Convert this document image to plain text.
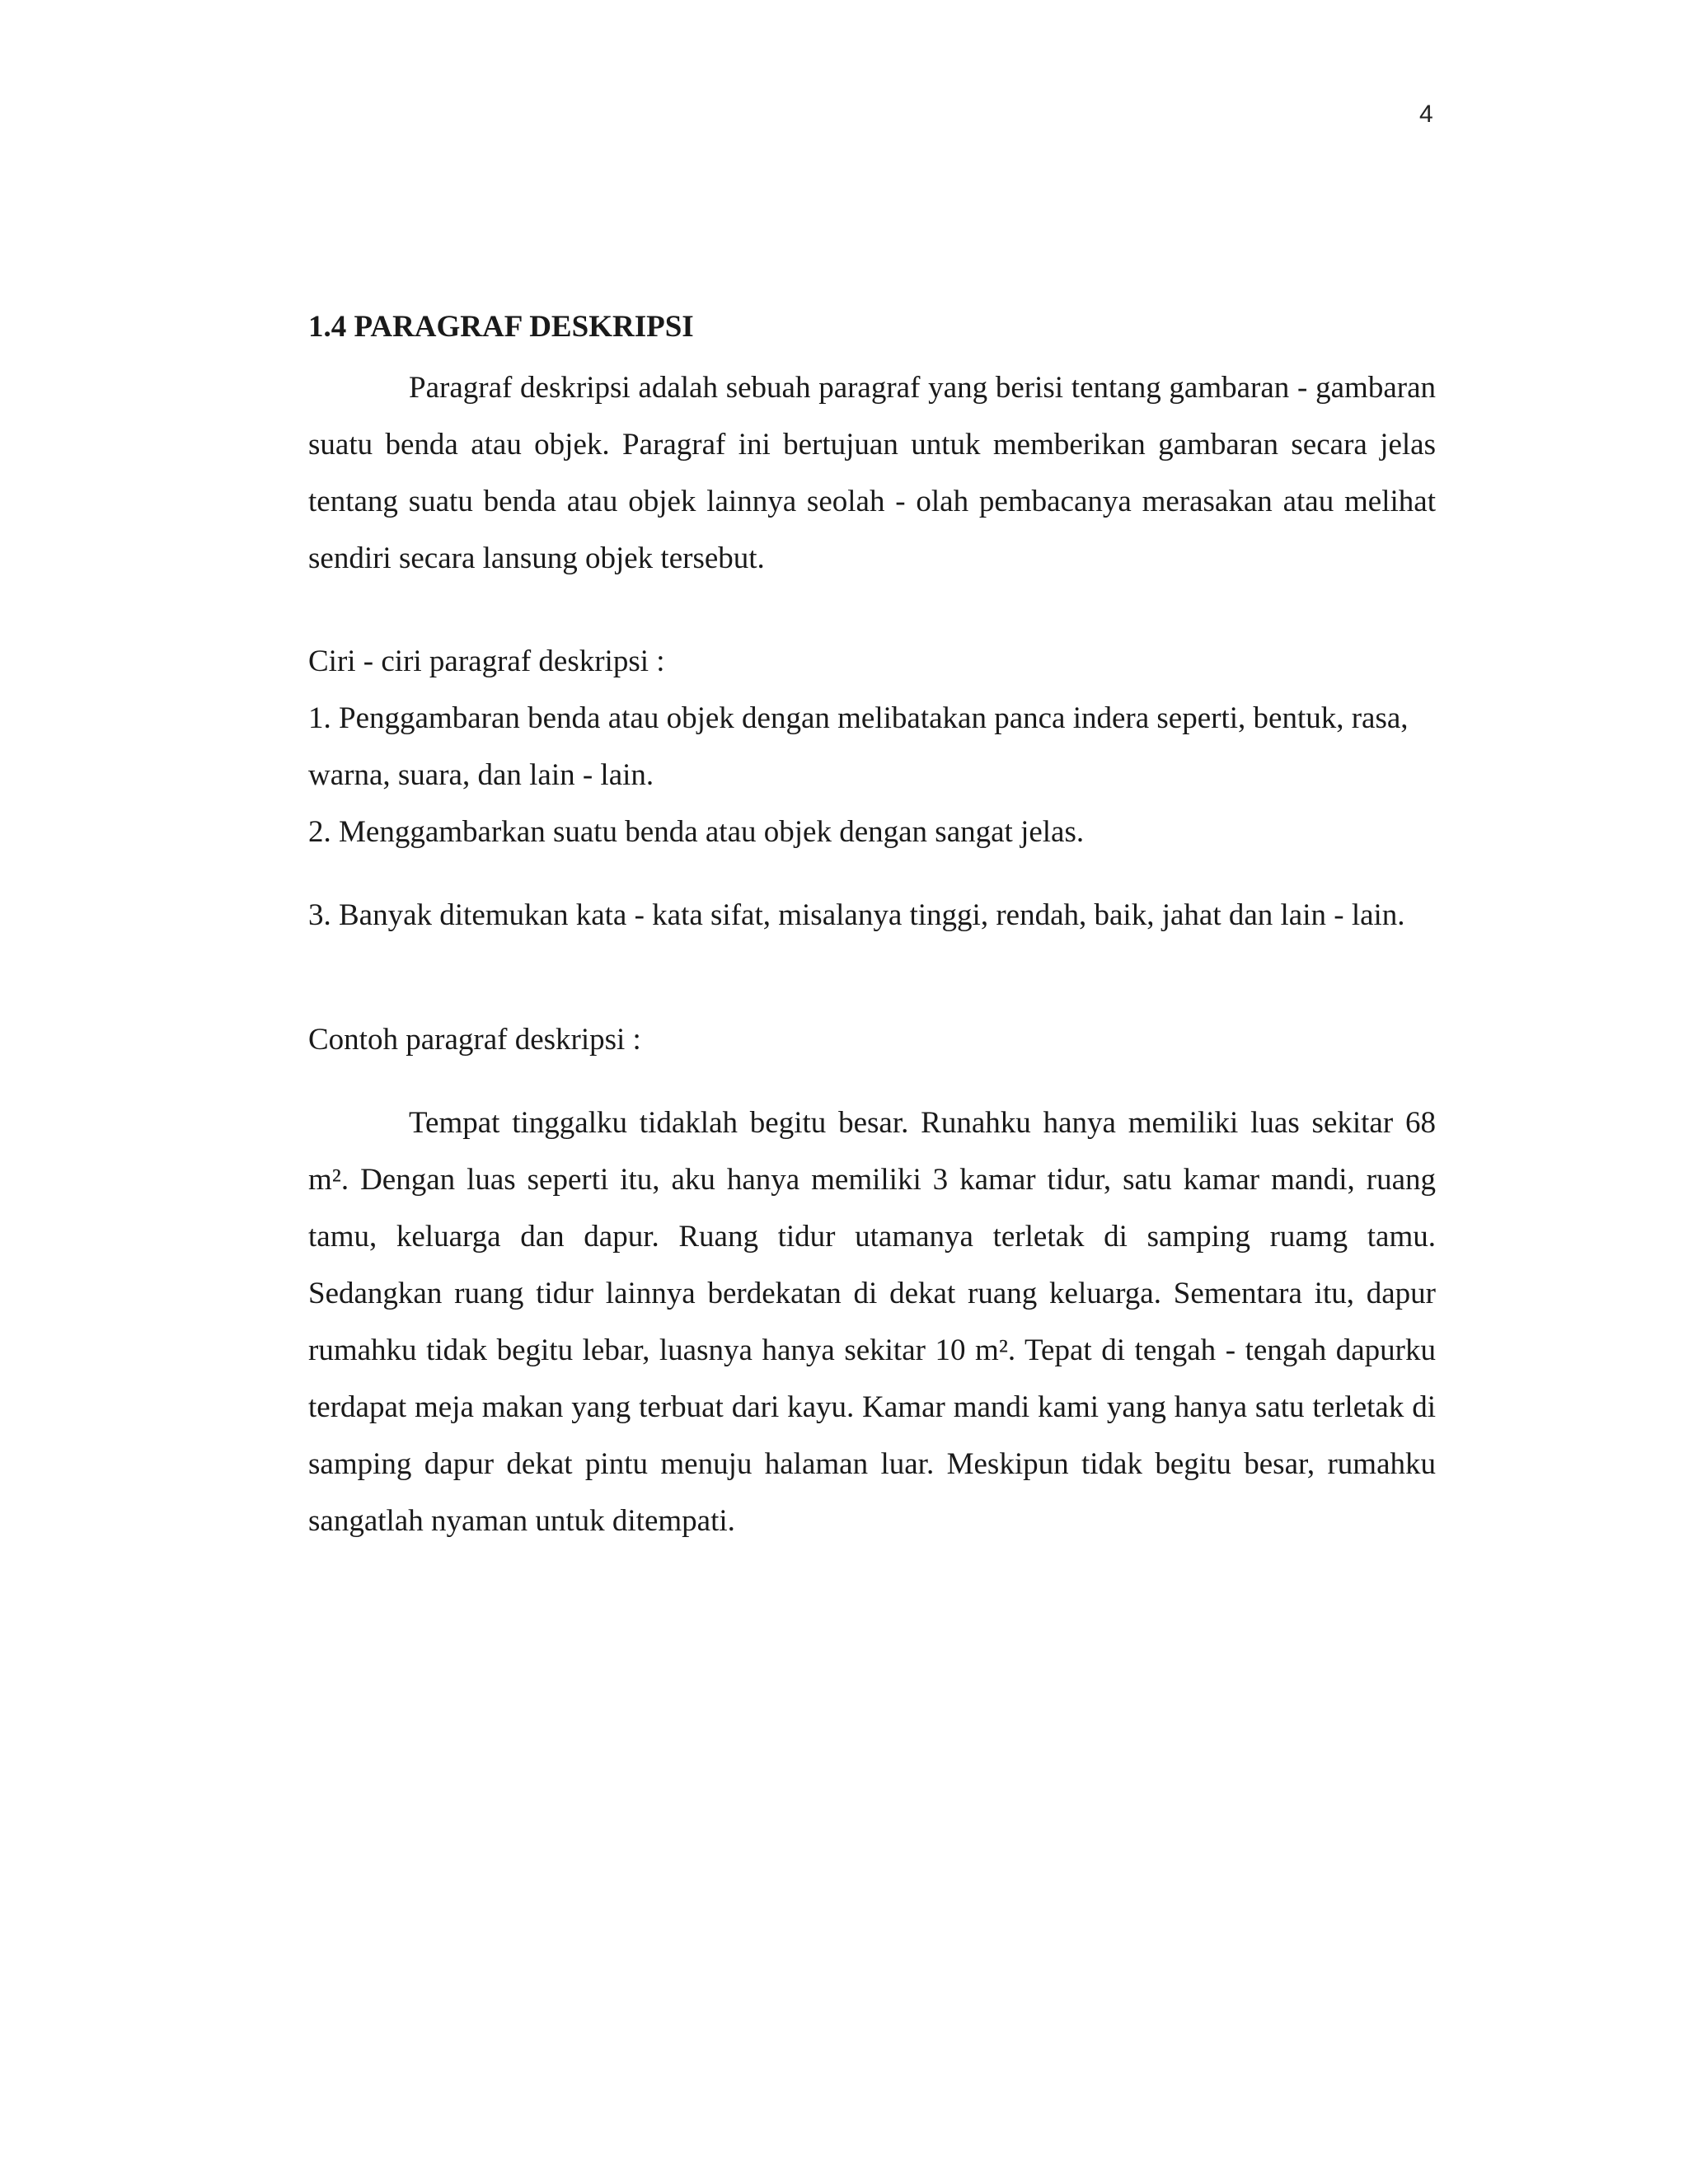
4
1.4 PARAGRAF DESKRIPSI

Paragraf deskripsi adalah sebuah paragraf yang berisi tentang gambaran - gambaran suatu benda atau objek. Paragraf ini bertujuan untuk memberikan gambaran secara jelas tentang suatu benda atau objek lainnya seolah - olah pembacanya merasakan atau melihat sendiri secara lansung objek tersebut.

Ciri - ciri paragraf deskripsi :

1. Penggambaran benda atau objek dengan melibatakan panca indera seperti, bentuk, rasa, warna, suara, dan lain - lain.

2. Menggambarkan suatu benda atau objek dengan sangat jelas.

3. Banyak ditemukan kata - kata sifat, misalanya tinggi, rendah, baik, jahat dan lain - lain.

Contoh paragraf deskripsi :

Tempat tinggalku tidaklah begitu besar. Runahku hanya memiliki luas sekitar 68 m². Dengan luas seperti itu, aku hanya memiliki 3 kamar tidur, satu kamar mandi, ruang tamu, keluarga dan dapur. Ruang tidur utamanya terletak di samping ruamg tamu. Sedangkan ruang tidur lainnya berdekatan di dekat ruang keluarga. Sementara itu, dapur rumahku tidak begitu lebar, luasnya hanya sekitar 10 m². Tepat di tengah - tengah dapurku terdapat meja makan yang terbuat dari kayu. Kamar mandi kami yang hanya satu terletak di samping dapur dekat pintu menuju halaman luar. Meskipun tidak begitu besar, rumahku sangatlah nyaman untuk ditempati.
